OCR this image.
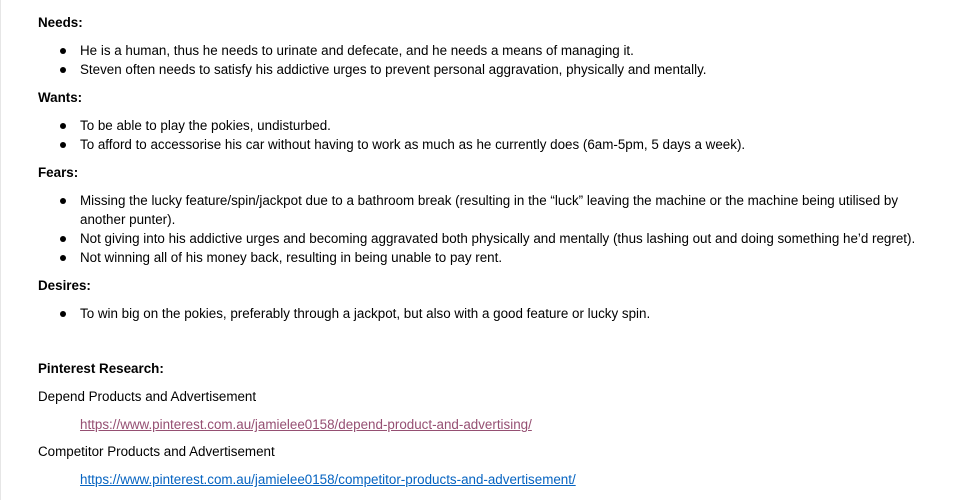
Needs:
He is a human, thus he needs to urinate and defecate, and he needs a means of managing it.
Steven often needs to satisfy his addictive urges to prevent personal aggravation, physically and mentally.
Wants:
To be able to play the pokies, undisturbed.
To afford to accessorise his car without having to work as much as he currently does (6am-5pm, 5 days a week).
Fears:
Missing the lucky feature/spin/jackpot due to a bathroom break (resulting in the “luck” leaving the machine or the machine being utilised by another punter).
Not giving into his addictive urges and becoming aggravated both physically and mentally (thus lashing out and doing something he’d regret).
Not winning all of his money back, resulting in being unable to pay rent.
Desires:
To win big on the pokies, preferably through a jackpot, but also with a good feature or lucky spin.
Pinterest Research:
Depend Products and Advertisement
https://www.pinterest.com.au/jamielee0158/depend-product-and-advertising/
Competitor Products and Advertisement
https://www.pinterest.com.au/jamielee0158/competitor-products-and-advertisement/
